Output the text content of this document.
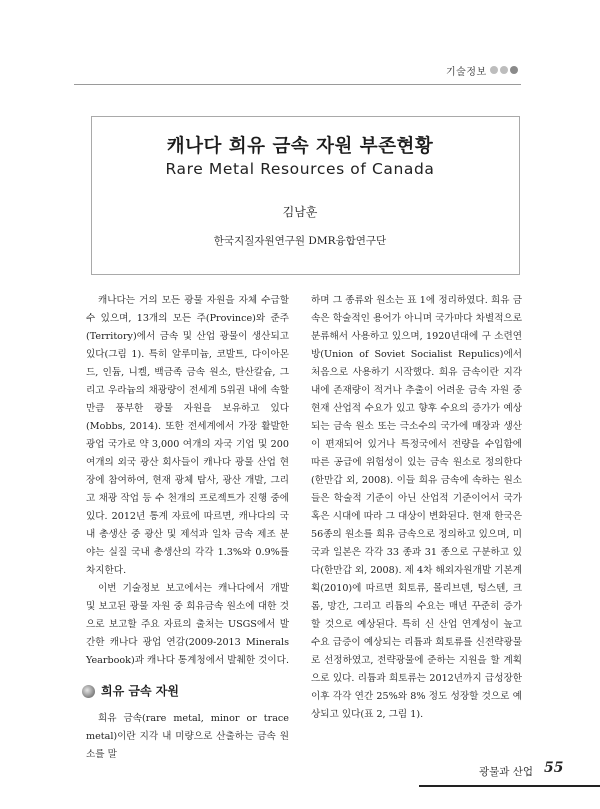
기술정보
캐나다 희유 금속 자원 부존현황
Rare Metal Resources of Canada
김남훈
한국지질자원연구원 DMR융합연구단

캐나다는 거의 모든 광물 자원을 자체 수급할 수 있으며, 13개의 모든 주(Province)와 준주(Territory)에서 금속 및 산업 광물이 생산되고 있다(그림 1). 특히 알루미늄, 코발트, 다이아몬드, 인듐, 니켈, 백금족 금속 원소, 탄산칼슘, 그리고 우라늄의 채광량이 전세계 5위권 내에 속할만큼 풍부한 광물 자원을 보유하고 있다(Mobbs, 2014). 또한 전세계에서 가장 활발한 광업 국가로 약 3,000 여개의 자국 기업 및 200여개의 외국 광산 회사들이 캐나다 광물 산업 현장에 참여하여, 현재 광체 탐사, 광산 개발, 그리고 채광 작업 등 수 천개의 프로젝트가 진행 중에 있다. 2012년 통계 자료에 따르면, 캐나다의 국내 총생산 중 광산 및 제석과 일차 금속 제조 분야는 실질 국내 총생산의 각각 1.3%와 0.9%를 차지한다.

이번 기술정보 보고에서는 캐나다에서 개발 및 보고된 광물 자원 중 희유금속 원소에 대한 것으로 보고할 주요 자료의 출처는 USGS에서 발간한 캐나다 광업 연감(2009-2013 Minerals Yearbook)과 캐나다 통계청에서 발췌한 것이다.

희유 금속 자원

희유 금속(rare metal, minor or trace metal)이란 지각 내 미량으로 산출하는 금속 원소를 말

하며 그 종류와 원소는 표 1에 정리하였다. 희유 금속은 학술적인 용어가 아니며 국가마다 차별적으로 분류해서 사용하고 있으며, 1920년대에 구 소련연방(Union of Soviet Socialist Repulics)에서 처음으로 사용하기 시작했다. 희유 금속이란 지각 내에 존재량이 적거나 추출이 어려운 금속 자원 중 현재 산업적 수요가 있고 향후 수요의 증가가 예상되는 금속 원소 또는 극소수의 국가에 매장과 생산이 편재되어 있거나 특정국에서 전량을 수입함에 따른 공급에 위험성이 있는 금속 원소로 정의한다(한만갑 외, 2008). 이들 희유 금속에 속하는 원소들은 학술적 기준이 아닌 산업적 기준이어서 국가 혹은 시대에 따라 그 대상이 변화된다. 현재 한국은 56종의 원소를 희유 금속으로 정의하고 있으며, 미국과 일본은 각각 33 종과 31 종으로 구분하고 있다(한만갑 외, 2008). 제 4차 해외자원개발 기본계획(2010)에 따르면 회토류, 몰리브덴, 텅스텐, 크롬, 망간, 그리고 리튬의 수요는 매년 꾸준히 증가할 것으로 예상된다. 특히 신 산업 연계성이 높고 수요 급증이 예상되는 리튬과 희토류를 신전략광물로 선정하였고, 전략광물에 준하는 지원을 할 계획으로 있다. 리튬과 희토류는 2012년까지 급성장한 이후 각각 연간 25%와 8% 정도 성장할 것으로 예상되고 있다(표 2, 그림 1).

광물과 산업 55
